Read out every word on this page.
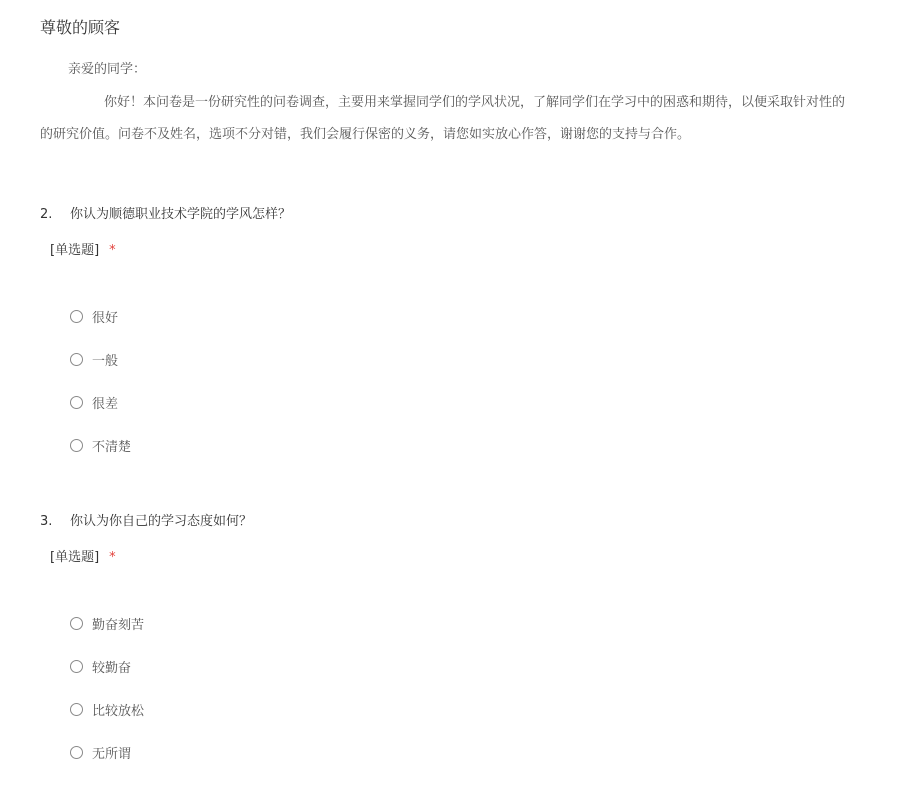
尊敬的顾客
亲爱的同学：
你好！本问卷是一份研究性的问卷调查，主要用来掌握同学们的学风状况，了解同学们在学习中的困惑和期待，以便采取针对性的
的研究价值。问卷不及姓名，选项不分对错，我们会履行保密的义务，请您如实放心作答，谢谢您的支持与合作。
2. 你认为顺德职业技术学院的学风怎样？
[单选题] *
很好
一般
很差
不清楚
3. 你认为你自己的学习态度如何？
[单选题] *
勤奋刻苦
较勤奋
比较放松
无所谓
